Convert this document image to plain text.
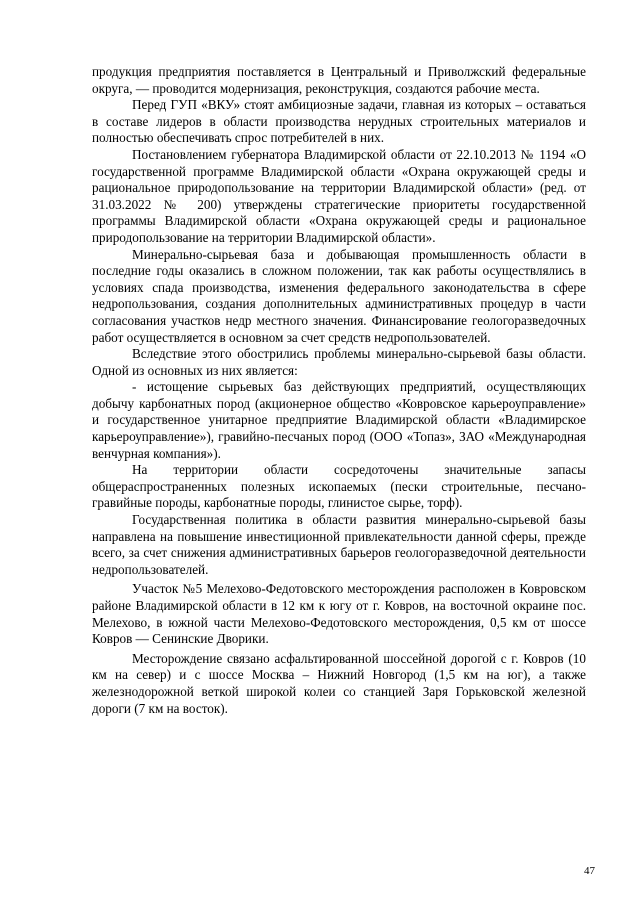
продукция предприятия поставляется в Центральный и Приволжский федеральные округа, — проводится модернизация, реконструкция, создаются рабочие места.

Перед ГУП «ВКУ» стоят амбициозные задачи, главная из которых – оставаться в составе лидеров в области производства нерудных строительных материалов и полностью обеспечивать спрос потребителей в них.

Постановлением губернатора Владимирской области от 22.10.2013 № 1194 «О государственной программе Владимирской области «Охрана окружающей среды и рациональное природопользование на территории Владимирской области» (ред. от 31.03.2022 № 200) утверждены стратегические приоритеты государственной программы Владимирской области «Охрана окружающей среды и рациональное природопользование на территории Владимирской области».

Минерально-сырьевая база и добывающая промышленность области в последние годы оказались в сложном положении, так как работы осуществлялись в условиях спада производства, изменения федерального законодательства в сфере недропользования, создания дополнительных административных процедур в части согласования участков недр местного значения. Финансирование геологоразведочных работ осуществляется в основном за счет средств недропользователей.

Вследствие этого обострились проблемы минерально-сырьевой базы области. Одной из основных из них является:

- истощение сырьевых баз действующих предприятий, осуществляющих добычу карбонатных пород (акционерное общество «Ковровское карьероуправление» и государственное унитарное предприятие Владимирской области «Владимирское карьероуправление»), гравийно-песчаных пород (ООО «Топаз», ЗАО «Международная венчурная компания»).

На территории области сосредоточены значительные запасы общераспространенных полезных ископаемых (пески строительные, песчано-гравийные породы, карбонатные породы, глинистое сырье, торф).

Государственная политика в области развития минерально-сырьевой базы направлена на повышение инвестиционной привлекательности данной сферы, прежде всего, за счет снижения административных барьеров геологоразведочной деятельности недропользователей.

Участок №5 Мелехово-Федотовского месторождения расположен в Ковровском районе Владимирской области в 12 км к югу от г. Ковров, на восточной окраине пос. Мелехово, в южной части Мелехово-Федотовского месторождения, 0,5 км от шоссе Ковров — Сенинские Дворики.

Месторождение связано асфальтированной шоссейной дорогой с г. Ковров (10 км на север) и с шоссе Москва – Нижний Новгород (1,5 км на юг), а также железнодорожной веткой широкой колеи со станцией Заря Горьковской железной дороги (7 км на восток).

47
